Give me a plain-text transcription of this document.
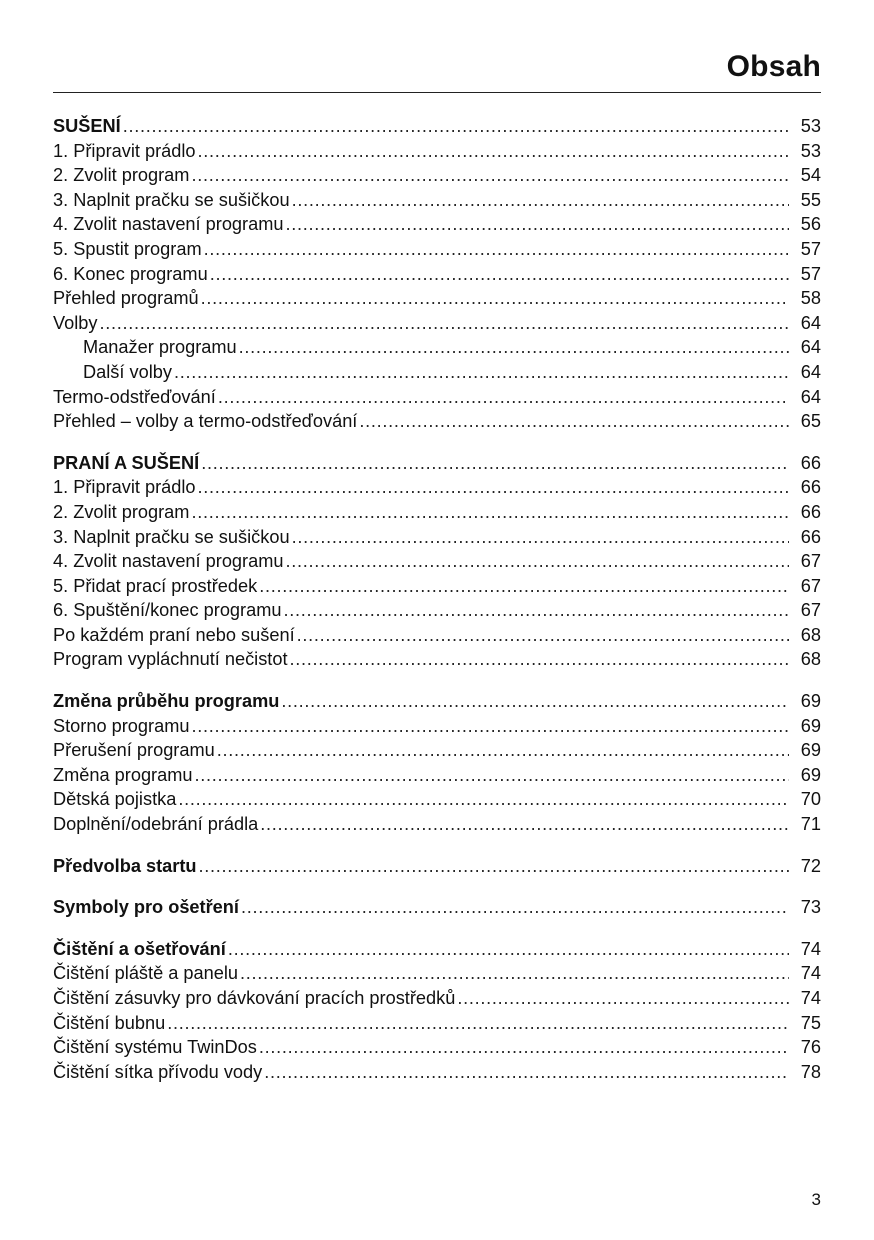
Obsah
SUŠENÍ .....	53
1. Připravit prádlo .....	53
2. Zvolit program .....	54
3. Naplnit pračku se sušičkou .....	55
4. Zvolit nastavení programu .....	56
5. Spustit program .....	57
6. Konec programu .....	57
Přehled programů .....	58
Volby .....	64
Manažer programu .....	64
Další volby .....	64
Termo-odstřeďování .....	64
Přehled – volby a termo-odstřeďování .....	65
PRANÍ A SUŠENÍ .....	66
1. Připravit prádlo .....	66
2. Zvolit program .....	66
3. Naplnit pračku se sušičkou .....	66
4. Zvolit nastavení programu .....	67
5. Přidat prací prostředek .....	67
6. Spuštění/konec programu .....	67
Po každém praní nebo sušení .....	68
Program vypláchnutí nečistot .....	68
Změna průběhu programu .....	69
Storno programu .....	69
Přerušení programu .....	69
Změna programu .....	69
Dětská pojistka .....	70
Doplnění/odebrání prádla .....	71
Předvolba startu .....	72
Symboly pro ošetření .....	73
Čištění a ošetřování .....	74
Čištění pláště a panelu .....	74
Čištění zásuvky pro dávkování pracích prostředků .....	74
Čištění bubnu .....	75
Čištění systému TwinDos .....	76
Čištění sítka přívodu vody .....	78
3
